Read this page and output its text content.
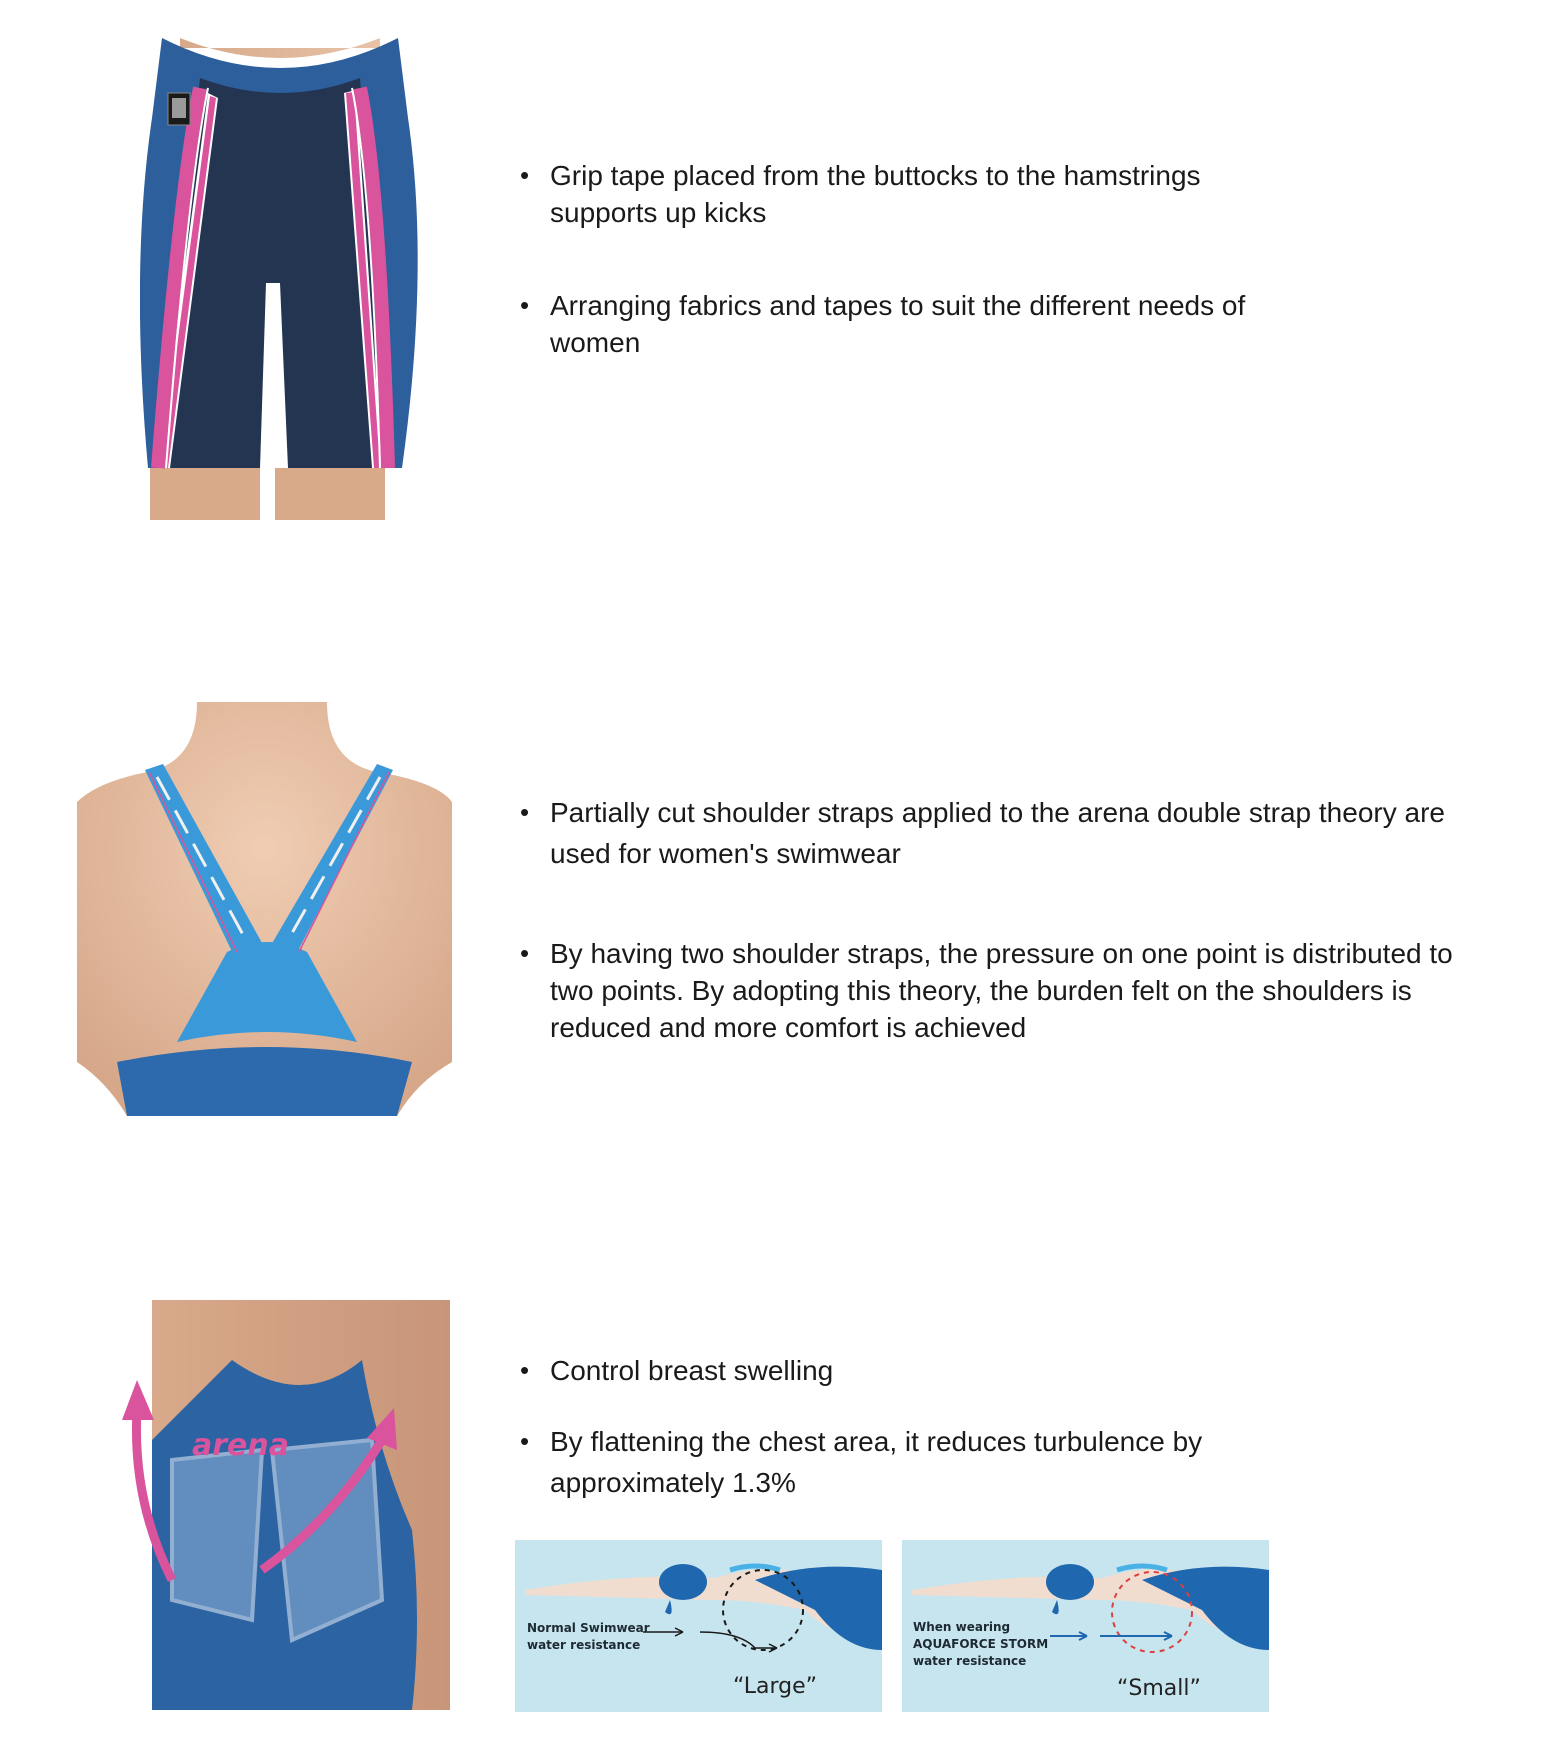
• Grip tape placed from the buttocks to the hamstrings supports up kicks
• Arranging fabrics and tapes to suit the different needs of women
• Partially cut shoulder straps applied to the arena double strap theory are used for women's swimwear
• By having two shoulder straps, the pressure on one point is distributed to two points. By adopting this theory, the burden felt on the shoulders is reduced and more comfort is achieved
arena
• Control breast swelling
• By flattening the chest area, it reduces turbulence by approximately 1.3%
Normal Swimwear
water resistance
“Large”
When wearing
AQUAFORCE STORM
water resistance
“Small”
